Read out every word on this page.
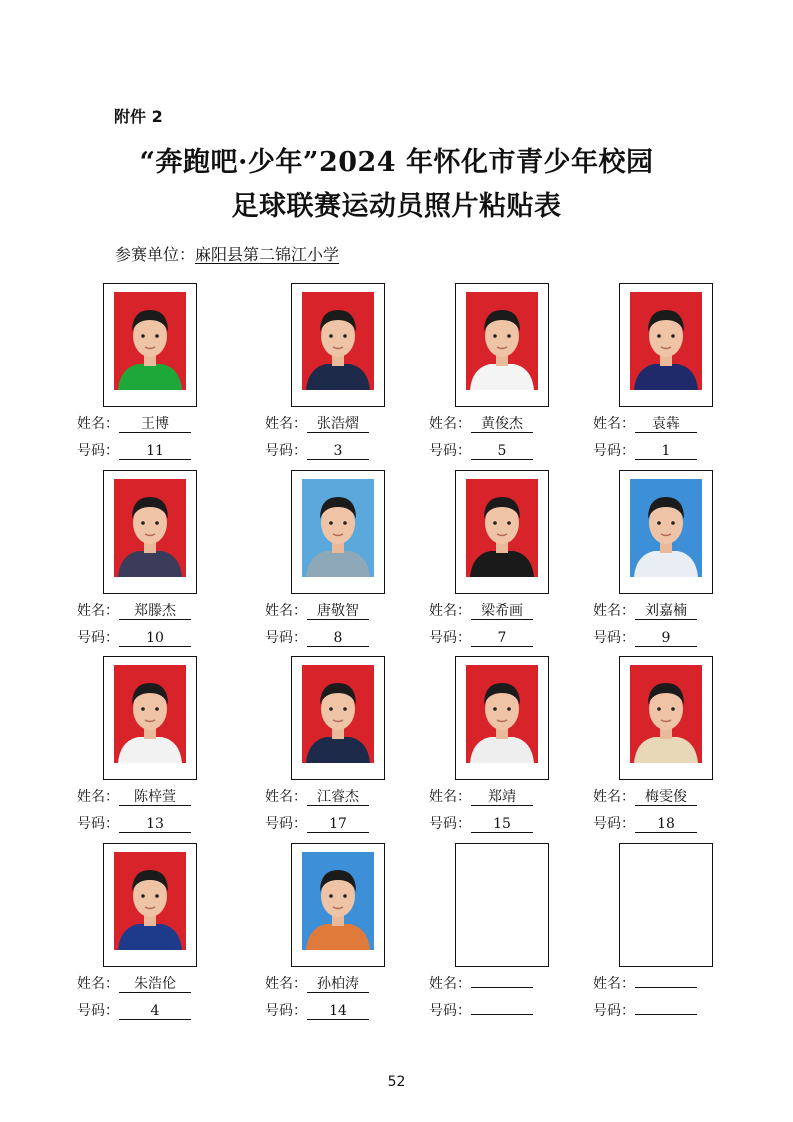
附件 2
“奔跑吧·少年”2024 年怀化市青少年校园
足球联赛运动员照片粘贴表
参赛单位：麻阳县第二锦江小学
姓名： 王博
号码： 11
姓名： 张浩熠
号码： 3
姓名： 黄俊杰
号码： 5
姓名： 袁犇
号码： 1
姓名： 郑滕杰
号码： 10
姓名： 唐敬智
号码： 8
姓名： 梁希画
号码： 7
姓名： 刘嘉楠
号码： 9
姓名： 陈梓萱
号码： 13
姓名： 江睿杰
号码： 17
姓名： 郑靖
号码： 15
姓名： 梅雯俊
号码： 18
姓名： 朱浩伦
号码： 4
姓名： 孙柏涛
号码： 14
姓名：
号码：
姓名：
号码：
52
